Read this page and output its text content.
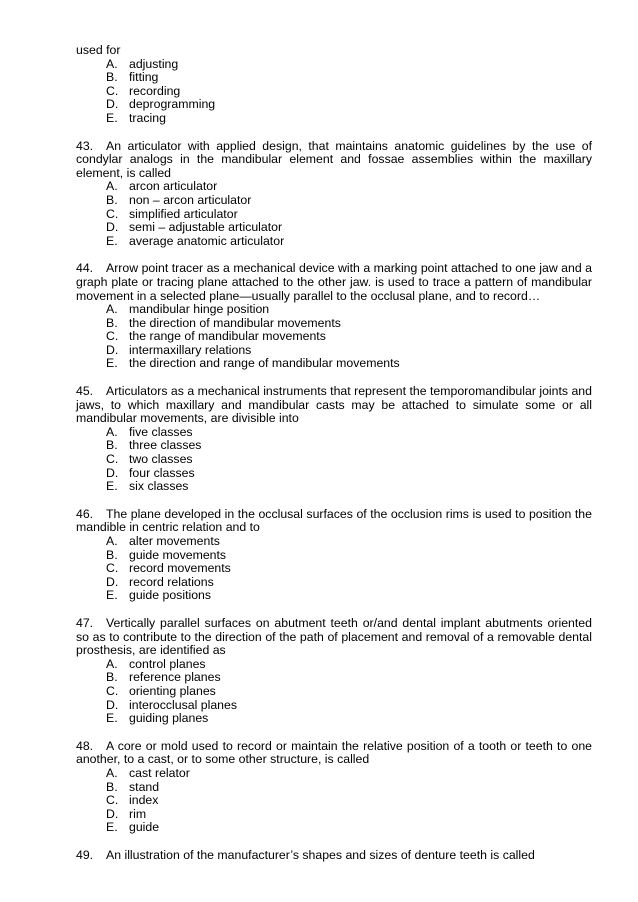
used for
A. adjusting
B. fitting
C. recording
D. deprogramming
E. tracing
43. An articulator with applied design, that maintains anatomic guidelines by the use of condylar analogs in the mandibular element and fossae assemblies within the maxillary element, is called
A. arcon articulator
B. non – arcon articulator
C. simplified articulator
D. semi – adjustable articulator
E. average anatomic articulator
44. Arrow point tracer as a mechanical device with a marking point attached to one jaw and a graph plate or tracing plane attached to the other jaw. is used to trace a pattern of mandibular movement in a selected plane—usually parallel to the occlusal plane, and to record…
A. mandibular hinge position
B. the direction of mandibular movements
C. the range of mandibular movements
D. intermaxillary relations
E. the direction and range of mandibular movements
45. Articulators as a mechanical instruments that represent the temporomandibular joints and jaws, to which maxillary and mandibular casts may be attached to simulate some or all mandibular movements, are divisible into
A. five classes
B. three classes
C. two classes
D. four classes
E. six classes
46. The plane developed in the occlusal surfaces of the occlusion rims is used to position the mandible in centric relation and to
A. alter movements
B. guide movements
C. record movements
D. record relations
E. guide positions
47. Vertically parallel surfaces on abutment teeth or/and dental implant abutments oriented so as to contribute to the direction of the path of placement and removal of a removable dental prosthesis, are identified as
A. control planes
B. reference planes
C. orienting planes
D. interocclusal planes
E. guiding planes
48. A core or mold used to record or maintain the relative position of a tooth or teeth to one another, to a cast, or to some other structure, is called
A. cast relator
B. stand
C. index
D. rim
E. guide
49. An illustration of the manufacturer’s shapes and sizes of denture teeth is called
